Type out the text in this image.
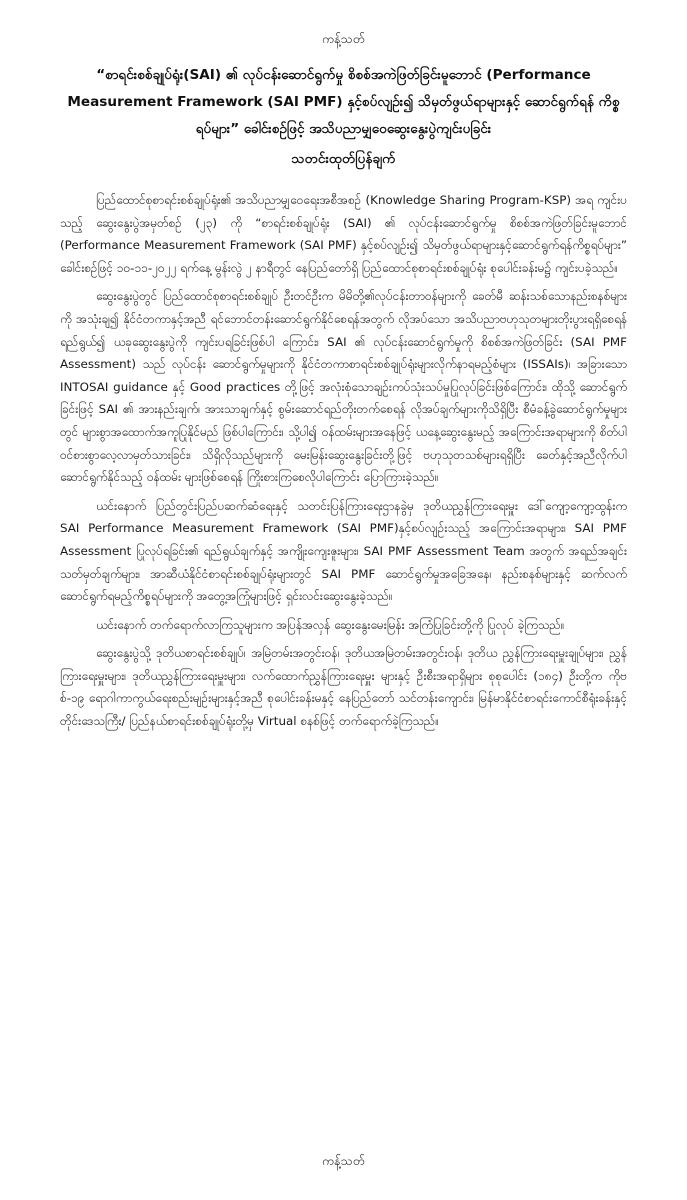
ကန့်သတ်
“စာရင်းစစ်ချုပ်ရုံး(SAI) ၏ လုပ်ငန်းဆောင်ရွက်မှု စိစစ်အကဲဖြတ်ခြင်းမူဘောင် (Performance Measurement Framework (SAI PMF) နှင့်စပ်လျဉ်း၍ သိမှတ်ဖွယ်ရာများနှင့် ဆောင်ရွက်ရန် ကိစ္စရပ်များ” ခေါင်းစဉ်ဖြင့် အသိပညာမျှဝေဆွေးနွေးပွဲကျင်းပခြင်း
သတင်းထုတ်ပြန်ချက်

ပြည်ထောင်စုစာရင်းစစ်ချုပ်ရုံး၏ အသိပညာမျှဝေရေးအစီအစဉ် (Knowledge Sharing Program-KSP) အရ ကျင်းပသည့် ဆွေးနွေးပွဲအမှတ်စဉ် (၂၃) ကို “စာရင်းစစ်ချုပ်ရုံး (SAI) ၏ လုပ်ငန်းဆောင်ရွက်မှု စိစစ်အကဲဖြတ်ခြင်းမူဘောင် (Performance Measurement Framework (SAI PMF) နှင့်စပ်လျဉ်း၍ သိမှတ်ဖွယ်ရာများနှင့်ဆောင်ရွက်ရန်ကိစ္စရပ်များ” ခေါင်းစဉ်ဖြင့် ၁၀-၁၁-၂၀၂၂ ရက်နေ့ မွန်းလွဲ ၂ နာရီတွင် နေပြည်တော်ရှိ ပြည်ထောင်စုစာရင်းစစ်ချုပ်ရုံး စုပေါင်းခန်းမ၌ ကျင်းပခဲ့သည်။

ဆွေးနွေးပွဲတွင် ပြည်ထောင်စုစာရင်းစစ်ချုပ် ဦးတင်ဦးက မိမိတို့၏လုပ်ငန်းတာဝန်များကို ခေတ်မီ ဆန်းသစ်သောနည်းစနစ်များကို အသုံးချ၍ နိုင်ငံတကာနှင့်အညီ ရင်ဘောင်တန်းဆောင်ရွက်နိုင်စေရန်အတွက် လိုအပ်သော အသိပညာဗဟုသုတများတိုးပွားရရှိစေရန် ရည်ရွယ်၍ ယခုဆွေးနွေးပွဲကို ကျင်းပရခြင်းဖြစ်ပါ ကြောင်း၊ SAI ၏ လုပ်ငန်းဆောင်ရွက်မှုကို စိစစ်အကဲဖြတ်ခြင်း (SAI PMF Assessment) သည် လုပ်ငန်း ဆောင်ရွက်မှုများကို နိုင်ငံတကာစာရင်းစစ်ချုပ်ရုံးများလိုက်နာရမည့်စံများ (ISSAIs)၊ အခြားသော INTOSAI guidance နှင့် Good practices တို့ဖြင့် အလုံးစုံသောချဉ်းကပ်သုံးသပ်မှုပြုလုပ်ခြင်းဖြစ်ကြောင်း၊ ထိုသို့ ဆောင်ရွက် ခြင်းဖြင့် SAI ၏ အားနည်းချက်၊ အားသာချက်နှင့် စွမ်းဆောင်ရည်တိုးတက်စေရန် လိုအပ်ချက်များကိုသိရှိပြီး စီမံခန့်ခွဲဆောင်ရွက်မှုများတွင် များစွာအထောက်အကူပြုနိုင်မည် ဖြစ်ပါကြောင်း၊ သို့ပါ၍ ဝန်ထမ်းများအနေဖြင့် ယနေ့ဆွေးနွေးမည့် အကြောင်းအရာများကို စိတ်ပါဝင်စားစွာလေ့လာမှတ်သားခြင်း၊ သိရှိလိုသည်များကို မေးမြန်းဆွေးနွေးခြင်းတို့ဖြင့် ဗဟုသုတသစ်များရရှိပြီး ခေတ်နှင့်အညီလိုက်ပါဆောင်ရွက်နိုင်သည့် ဝန်ထမ်း များဖြစ်စေရန် ကြိုးစားကြစေလိုပါကြောင်း ပြောကြားခဲ့သည်။

ယင်းနောက် ပြည်တွင်းပြည်ပဆက်ဆံရေးနှင့် သတင်းပြန်ကြားရေးဌာနခွဲမှ ဒုတိယညွှန်ကြားရေးမှူး ဒေါ်ကျော့ကျော့ထွန်းက SAI Performance Measurement Framework (SAI PMF)နှင့်စပ်လျဉ်းသည့် အကြောင်းအရာများ၊ SAI PMF Assessment ပြုလုပ်ရခြင်း၏ ရည်ရွယ်ချက်နှင့် အကျိုးကျေးဇူးများ၊ SAI PMF Assessment Team အတွက် အရည်အချင်းသတ်မှတ်ချက်များ၊ အာဆီယံနိုင်ငံစာရင်းစစ်ချုပ်ရုံးများတွင် SAI PMF ဆောင်ရွက်မှုအခြေအနေ၊ နည်းစနစ်များနှင့် ဆက်လက်ဆောင်ရွက်ရမည့်ကိစ္စရပ်များကို အတွေ့အကြုံများဖြင့် ရှင်းလင်းဆွေးနွေးခဲ့သည်။

ယင်းနောက် တက်ရောက်လာကြသူများက အပြန်အလှန် ဆွေးနွေးမေးမြန်း အကြံပြုခြင်းတို့ကို ပြုလုပ် ခဲ့ကြသည်။

ဆွေးနွေးပွဲသို့ ဒုတိယစာရင်းစစ်ချုပ်၊ အမြဲတမ်းအတွင်းဝန်၊ ဒုတိယအမြဲတမ်းအတွင်းဝန်၊ ဒုတိယ ညွှန်ကြားရေးမှူးချုပ်များ၊ ညွှန်ကြားရေးမှူးများ၊ ဒုတိယညွှန်ကြားရေးမှူးများ၊ လက်ထောက်ညွှန်ကြားရေးမှူး များနှင့် ဦးစီးအရာရှိများ စုစုပေါင်း (၁၈၄) ဦးတို့က ကိုဗစ်-၁၉ ရောဂါကာကွယ်ရေးစည်းမျဉ်းများနှင့်အညီ စုပေါင်းခန်းမနှင့် နေပြည်တော် သင်တန်းကျောင်း၊ မြန်မာနိုင်ငံစာရင်းကောင်စီရုံးခန်းနှင့် တိုင်းဒေသကြီး/ ပြည်နယ်စာရင်းစစ်ချုပ်ရုံးတို့မှ Virtual စနစ်ဖြင့် တက်ရောက်ခဲ့ကြသည်။

ကန့်သတ်
